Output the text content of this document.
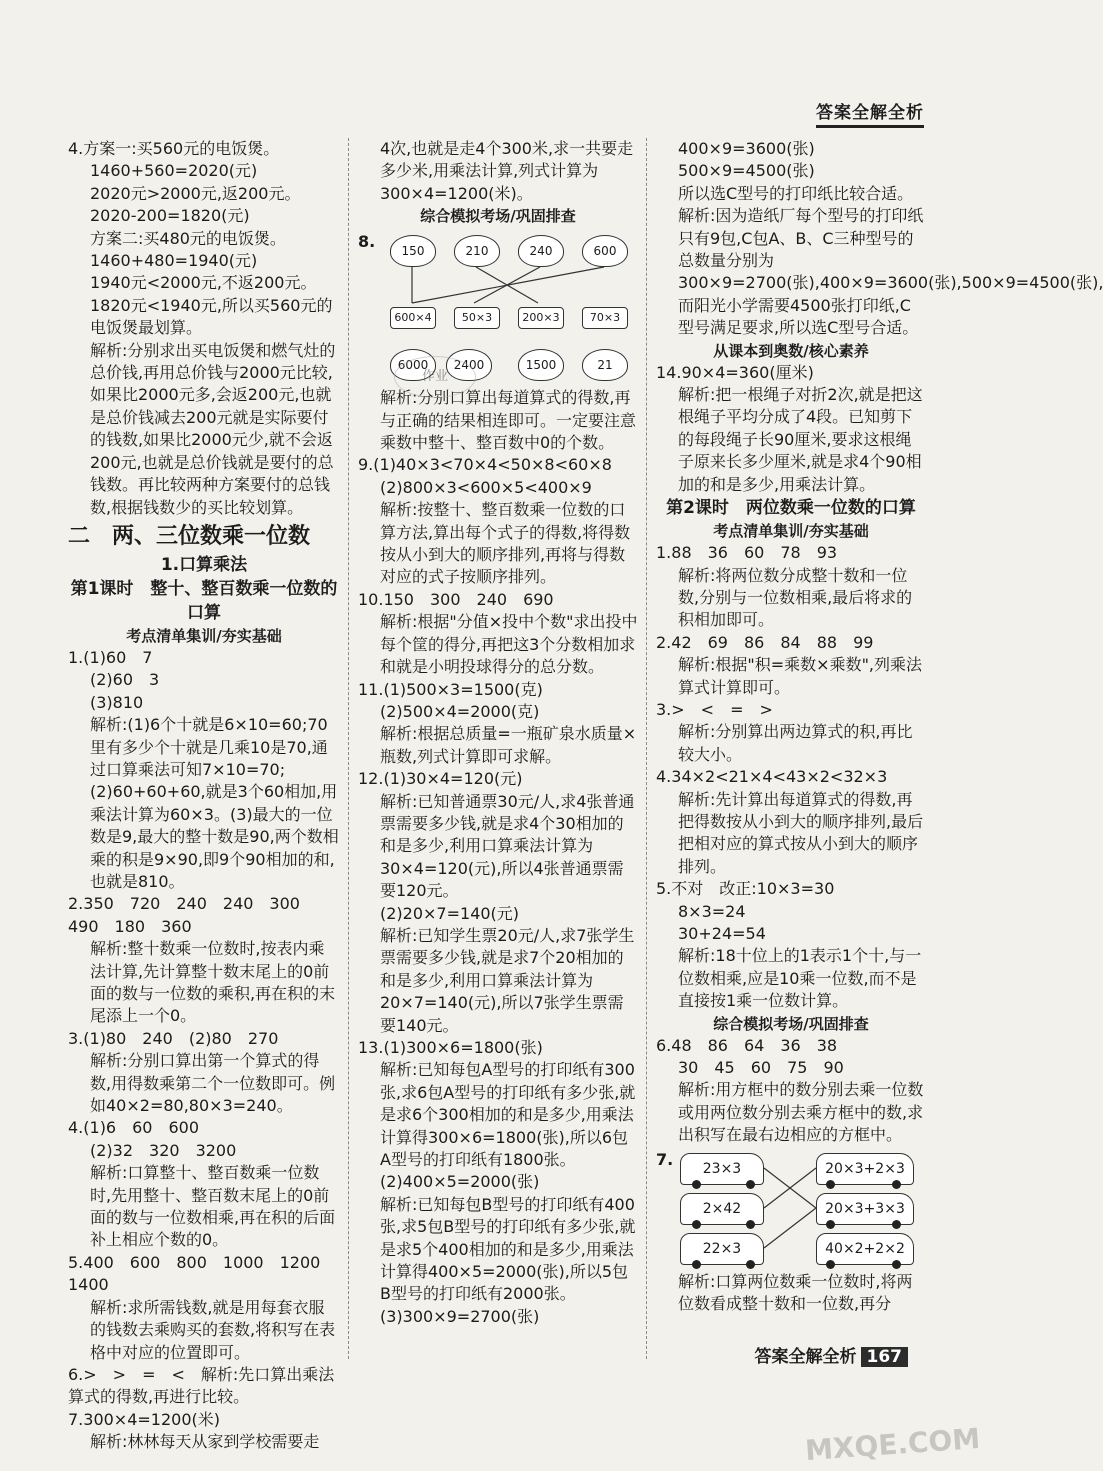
答案全解全析

4.方案一:买560元的电饭煲。

1460+560=2020(元)

2020元>2000元,返200元。

2020-200=1820(元)

方案二:买480元的电饭煲。

1460+480=1940(元)

1940元<2000元,不返200元。

1820元<1940元,所以买560元的电饭煲最划算。

解析:分别求出买电饭煲和燃气灶的总价钱,再用总价钱与2000元比较,如果比2000元多,会返200元,也就是总价钱减去200元就是实际要付的钱数,如果比2000元少,就不会返200元,也就是总价钱就是要付的总钱数。再比较两种方案要付的总钱数,根据钱数少的买比较划算。

二　两、三位数乘一位数
1.口算乘法
第1课时　整十、整百数乘一位数的口算
考点清单集训/夯实基础

1.(1)60　7

(2)60　3

(3)810

解析:(1)6个十就是6×10=60;70里有多少个十就是几乘10是70,通过口算乘法可知7×10=70;(2)60+60+60,就是3个60相加,用乘法计算为60×3。(3)最大的一位数是9,最大的整十数是90,两个数相乘的积是9×90,即9个90相加的和,也就是810。

2.350　720　240　240　300　490　180　360

解析:整十数乘一位数时,按表内乘法计算,先计算整十数末尾上的0前面的数与一位数的乘积,再在积的末尾添上一个0。

3.(1)80　240　(2)80　270

解析:分别口算出第一个算式的得数,用得数乘第二个一位数即可。例如40×2=80,80×3=240。

4.(1)6　60　600

(2)32　320　3200

解析:口算整十、整百数乘一位数时,先用整十、整百数末尾上的0前面的数与一位数相乘,再在积的后面补上相应个数的0。

5.400　600　800　1000　1200　1400

解析:求所需钱数,就是用每套衣服的钱数去乘购买的套数,将积写在表格中对应的位置即可。

6.>　>　=　<　解析:先口算出乘法算式的得数,再进行比较。

7.300×4=1200(米)

解析:林林每天从家到学校需要走

4次,也就是走4个300米,求一共要走多少米,用乘法计算,列式计算为300×4=1200(米)。

综合模拟考场/巩固排查
8.	150	210	240	600
600×4	50×3	200×3	70×3
6000	2400	1500	21

解析:分别口算出每道算式的得数,再与正确的结果相连即可。一定要注意乘数中整十、整百数中0的个数。

9.(1)40×3<70×4<50×8<60×8

(2)800×3<600×5<400×9

解析:按整十、整百数乘一位数的口算方法,算出每个式子的得数,将得数按从小到大的顺序排列,再将与得数对应的式子按顺序排列。

10.150　300　240　690

解析:根据"分值×投中个数"求出投中每个筐的得分,再把这3个分数相加求和就是小明投球得分的总分数。

11.(1)500×3=1500(克)

(2)500×4=2000(克)

解析:根据总质量=一瓶矿泉水质量×瓶数,列式计算即可求解。

12.(1)30×4=120(元)

解析:已知普通票30元/人,求4张普通票需要多少钱,就是求4个30相加的和是多少,利用口算乘法计算为30×4=120(元),所以4张普通票需要120元。

(2)20×7=140(元)

解析:已知学生票20元/人,求7张学生票需要多少钱,就是求7个20相加的和是多少,利用口算乘法计算为20×7=140(元),所以7张学生票需要140元。

13.(1)300×6=1800(张)

解析:已知每包A型号的打印纸有300张,求6包A型号的打印纸有多少张,就是求6个300相加的和是多少,用乘法计算得300×6=1800(张),所以6包A型号的打印纸有1800张。

(2)400×5=2000(张)

解析:已知每包B型号的打印纸有400张,求5包B型号的打印纸有多少张,就是求5个400相加的和是多少,用乘法计算得400×5=2000(张),所以5包B型号的打印纸有2000张。

(3)300×9=2700(张)

作业

400×9=3600(张)

500×9=4500(张)

所以选C型号的打印纸比较合适。

解析:因为造纸厂每个型号的打印纸只有9包,C包A、B、C三种型号的总数量分别为300×9=2700(张),400×9=3600(张),500×9=4500(张),而阳光小学需要4500张打印纸,C型号满足要求,所以选C型号合适。

从课本到奥数/核心素养

14.90×4=360(厘米)

解析:把一根绳子对折2次,就是把这根绳子平均分成了4段。已知剪下的每段绳子长90厘米,要求这根绳子原来长多少厘米,就是求4个90相加的和是多少,用乘法计算。

第2课时　两位数乘一位数的口算
考点清单集训/夯实基础

1.88　36　60　78　93

解析:将两位数分成整十数和一位数,分别与一位数相乘,最后将求的积相加即可。

2.42　69　86　84　88　99

解析:根据"积=乘数×乘数",列乘法算式计算即可。

3.>　<　=　>

解析:分别算出两边算式的积,再比较大小。

4.34×2<21×4<43×2<32×3

解析:先计算出每道算式的得数,再把得数按从小到大的顺序排列,最后把相对应的算式按从小到大的顺序排列。

5.不对　改正:10×3=30

8×3=24

30+24=54

解析:18十位上的1表示1个十,与一位数相乘,应是10乘一位数,而不是直接按1乘一位数计算。

综合模拟考场/巩固排查

6.48　86　64　36　38

30　45　60　75　90

解析:用方框中的数分别去乘一位数或用两位数分别去乘方框中的数,求出积写在最右边相应的方框中。

7.	23×3
2×42
22×3
20×3+2×3
20×3+3×3
40×2+2×2

解析:口算两位数乘一位数时,将两位数看成整十数和一位数,再分

答案全解全析 167
MXQE.COM
